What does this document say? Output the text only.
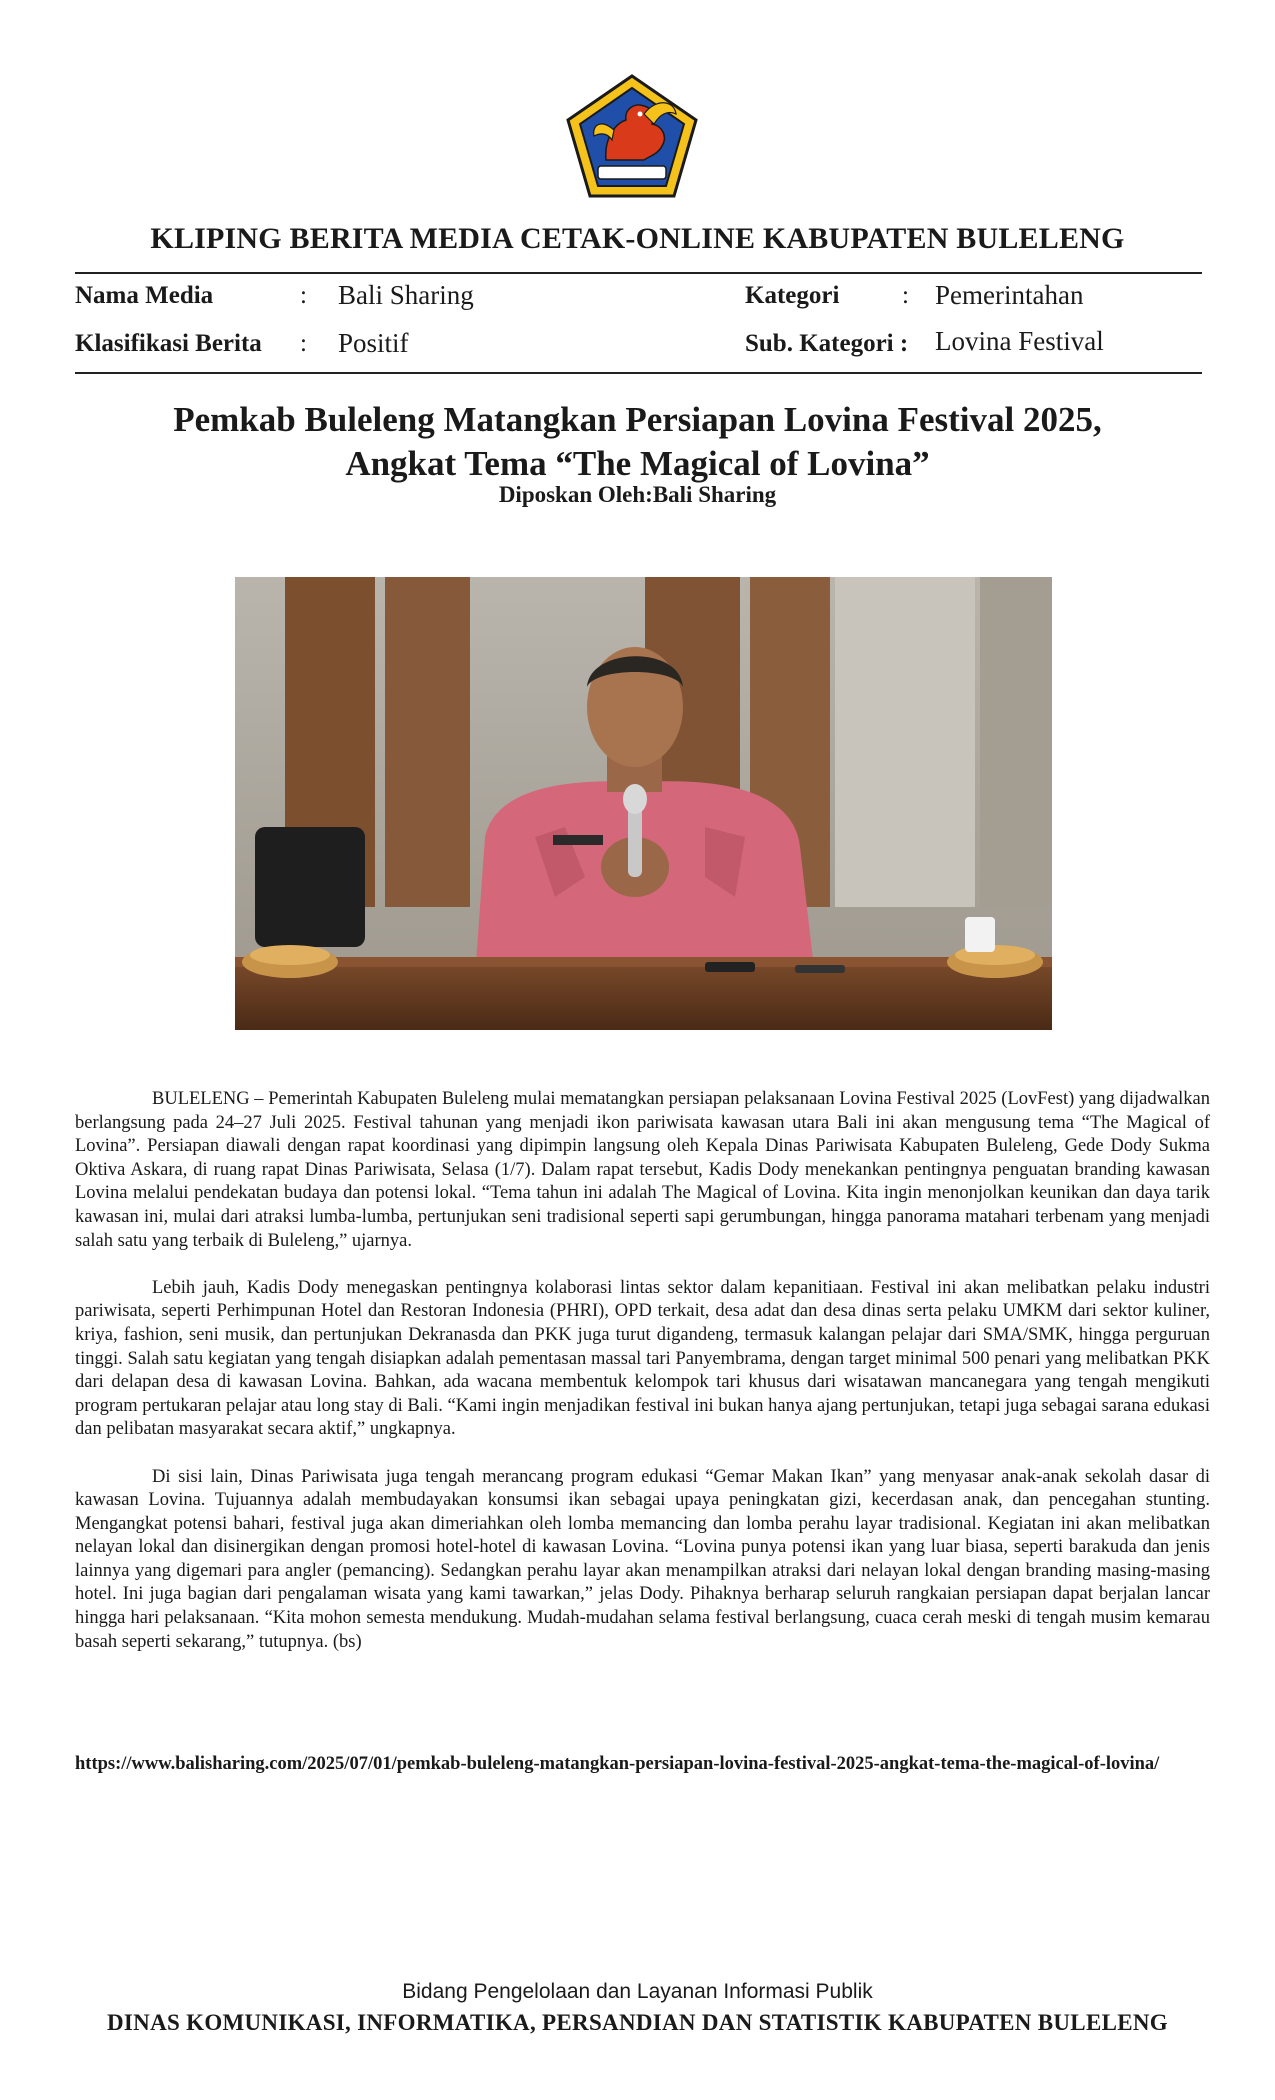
KLIPING BERITA MEDIA CETAK-ONLINE KABUPATEN BULELENG
Nama Media	: Bali Sharing	Kategori	: Pemerintahan
Klasifikasi Berita : Positif	Sub. Kategori : Lovina Festival
Pemkab Buleleng Matangkan Persiapan Lovina Festival 2025,
Angkat Tema “The Magical of Lovina”
Diposkan Oleh:Bali Sharing

BULELENG – Pemerintah Kabupaten Buleleng mulai mematangkan persiapan pelaksanaan Lovina Festival 2025 (LovFest) yang dijadwalkan berlangsung pada 24–27 Juli 2025. Festival tahunan yang menjadi ikon pariwisata kawasan utara Bali ini akan mengusung tema “The Magical of Lovina”. Persiapan diawali dengan rapat koordinasi yang dipimpin langsung oleh Kepala Dinas Pariwisata Kabupaten Buleleng, Gede Dody Sukma Oktiva Askara, di ruang rapat Dinas Pariwisata, Selasa (1/7). Dalam rapat tersebut, Kadis Dody menekankan pentingnya penguatan branding kawasan Lovina melalui pendekatan budaya dan potensi lokal. “Tema tahun ini adalah The Magical of Lovina. Kita ingin menonjolkan keunikan dan daya tarik kawasan ini, mulai dari atraksi lumba-lumba, pertunjukan seni tradisional seperti sapi gerumbungan, hingga panorama matahari terbenam yang menjadi salah satu yang terbaik di Buleleng,” ujarnya.

Lebih jauh, Kadis Dody menegaskan pentingnya kolaborasi lintas sektor dalam kepanitiaan. Festival ini akan melibatkan pelaku industri pariwisata, seperti Perhimpunan Hotel dan Restoran Indonesia (PHRI), OPD terkait, desa adat dan desa dinas serta pelaku UMKM dari sektor kuliner, kriya, fashion, seni musik, dan pertunjukan Dekranasda dan PKK juga turut digandeng, termasuk kalangan pelajar dari SMA/SMK, hingga perguruan tinggi. Salah satu kegiatan yang tengah disiapkan adalah pementasan massal tari Panyembrama, dengan target minimal 500 penari yang melibatkan PKK dari delapan desa di kawasan Lovina. Bahkan, ada wacana membentuk kelompok tari khusus dari wisatawan mancanegara yang tengah mengikuti program pertukaran pelajar atau long stay di Bali. “Kami ingin menjadikan festival ini bukan hanya ajang pertunjukan, tetapi juga sebagai sarana edukasi dan pelibatan masyarakat secara aktif,” ungkapnya.

Di sisi lain, Dinas Pariwisata juga tengah merancang program edukasi “Gemar Makan Ikan” yang menyasar anak-anak sekolah dasar di kawasan Lovina. Tujuannya adalah membudayakan konsumsi ikan sebagai upaya peningkatan gizi, kecerdasan anak, dan pencegahan stunting. Mengangkat potensi bahari, festival juga akan dimeriahkan oleh lomba memancing dan lomba perahu layar tradisional. Kegiatan ini akan melibatkan nelayan lokal dan disinergikan dengan promosi hotel-hotel di kawasan Lovina. “Lovina punya potensi ikan yang luar biasa, seperti barakuda dan jenis lainnya yang digemari para angler (pemancing). Sedangkan perahu layar akan menampilkan atraksi dari nelayan lokal dengan branding masing-masing hotel. Ini juga bagian dari pengalaman wisata yang kami tawarkan,” jelas Dody. Pihaknya berharap seluruh rangkaian persiapan dapat berjalan lancar hingga hari pelaksanaan. “Kita mohon semesta mendukung. Mudah-mudahan selama festival berlangsung, cuaca cerah meski di tengah musim kemarau basah seperti sekarang,” tutupnya. (bs)

https://www.balisharing.com/2025/07/01/pemkab-buleleng-matangkan-persiapan-lovina-festival-2025-angkat-tema-the-magical-of-lovina/
Bidang Pengelolaan dan Layanan Informasi Publik
DINAS KOMUNIKASI, INFORMATIKA, PERSANDIAN DAN STATISTIK KABUPATEN BULELENG
